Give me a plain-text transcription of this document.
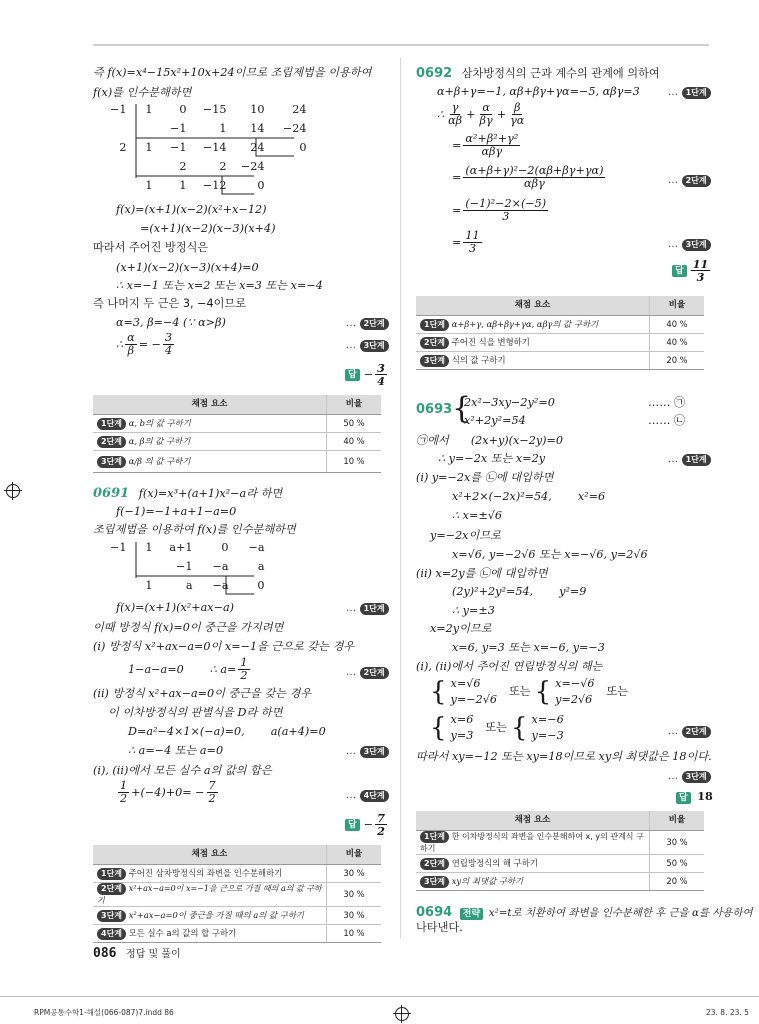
즉 f(x)=x⁴−15x²+10x+24이므로 조립제법을 이용하여
f(x)를 인수분해하면
−1	1	0	−15	10	24
		−1	1	14	−24
2	1	−1	−14	24	0
		2	2	−24	
	1	1	−12	0	
f(x)=(x+1)(x−2)(x²+x−12)
=(x+1)(x−2)(x−3)(x+4)
따라서 주어진 방정식은
(x+1)(x−2)(x−3)(x+4)=0
∴ x=−1 또는 x=2 또는 x=3 또는 x=−4
즉 나머지 두 근은 3, −4이므로
α=3, β=−4 (∵ α>β)	… 2단계
∴ $\frac{\alpha}{\beta}$ = − $\frac{3}{4}$	… 3단계
답 − $\frac{3}{4}$
채점 요소	비율
1단계 α, b의 값 구하기	50 %
2단계 α, β의 값 구하기	40 %
3단계 α/β 의 값 구하기	10 %
0691 f(x)=x³+(a+1)x²−a라 하면
f(−1)=−1+a+1−a=0
조립제법을 이용하여 f(x)를 인수분해하면
−1	1	a+1	0	−a
		−1	−a	a
	1	a	−a	0
f(x)=(x+1)(x²+ax−a)	… 1단계
이때 방정식 f(x)=0이 중근을 가지려면
(i) 방정식 x²+ax−a=0이 x=−1을 근으로 갖는 경우
1−a−a=0 ∴ $a= \frac{1}{2}$	… 2단계
(ii) 방정식 x²+ax−a=0이 중근을 갖는 경우
이 이차방정식의 판별식을 D라 하면
D=a²−4×1×(−a)=0, a(a+4)=0
∴ a=−4 또는 a=0	… 3단계
(i), (ii)에서 모든 실수 a의 값의 합은
$\frac{1}{2} +(-4)+0= - \frac{7}{2}$	… 4단계
답 − $\frac{7}{2}$
채점 요소	비율
1단계 주어진 삼차방정식의 좌변을 인수분해하기	30 %
2단계 x²+ax−a=0이 x=−1을 근으로 가질 때의 a의 값 구하기	30 %
3단계 x²+ax−a=0이 중근을 가질 때의 a의 값 구하기	30 %
4단계 모든 실수 a의 값의 합 구하기	10 %
0692 삼차방정식의 근과 계수의 관계에 의하여
α+β+γ=−1, αβ+βγ+γα=−5, αβγ=3	… 1단계
∴ $\frac{\gamma}{\alpha\beta} + \frac{\alpha}{\beta\gamma} + \frac{\beta}{\gamma\alpha}$
= $\frac{\text{α²+β²+γ²}}{\text{αβγ}}$
= $\frac{\text{(α+β+γ)²−2(αβ+βγ+γα)}}{\text{αβγ}}$	… 2단계
= $\frac{\text{(−1)²−2×(−5)}}{3}$
= $\frac{11}{3}$	… 3단계
답 $\frac{11}{3}$
채점 요소	비율
1단계 α+β+γ, αβ+βγ+γα, αβγ의 값 구하기	40 %
2단계 주어진 식을 변형하기	40 %
3단계 식의 값 구하기	20 %
0693 {
2x²−3xy−2y²=0	…… ㉠
x²+2y²=54	…… ㉡
㉠에서 (2x+y)(x−2y)=0
∴ y=−2x 또는 x=2y	… 1단계
(i) y=−2x를 ㉡에 대입하면
x²+2×(−2x)²=54, x²=6
∴ x=±√6
y=−2x이므로
x=√6, y=−2√6 또는 x=−√6, y=2√6
(ii) x=2y를 ㉡에 대입하면
(2y)²+2y²=54, y²=9
∴ y=±3
x=2y이므로
x=6, y=3 또는 x=−6, y=−3
(i), (ii)에서 주어진 연립방정식의 해는
{ x=√6
y=−2√6
또는 { x=−√6
y=2√6
또는
{ x=6
y=3
또는 { x=−6
y=−3	… 2단계
따라서 xy=−12 또는 xy=18이므로 xy의 최댓값은 18이다.
… 3단계
답 18
채점 요소	비율
1단계 한 이차방정식의 좌변을 인수분해하여 x, y의 관계식 구하기	30 %
2단계 연립방정식의 해 구하기	50 %
3단계 xy의 최댓값 구하기	20 %
0694 전략 x²=t로 치환하여 좌변을 인수분해한 후 근을 α를 사용하여
나타낸다.
086 정답 및 풀이
RPM공통수학1-해설(066-087)7.indd 86	23. 8. 23. 5
